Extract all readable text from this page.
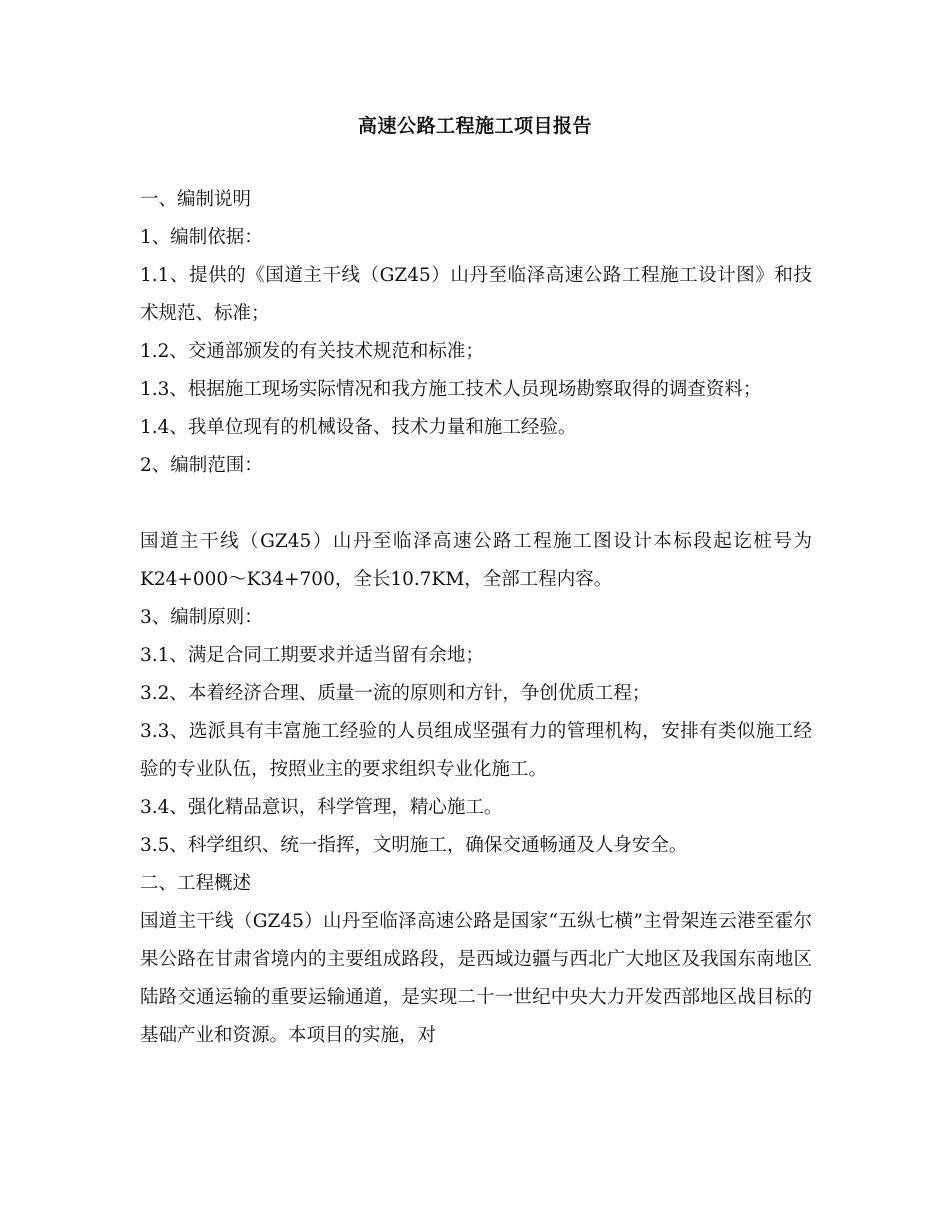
高速公路工程施工项目报告

一、编制说明

1、编制依据：

1.1、提供的《国道主干线（GZ45）山丹至临泽高速公路工程施工设计图》和技术规范、标准；

1.2、交通部颁发的有关技术规范和标准；

1.3、根据施工现场实际情况和我方施工技术人员现场勘察取得的调查资料；

1.4、我单位现有的机械设备、技术力量和施工经验。

2、编制范围：

国道主干线（GZ45）山丹至临泽高速公路工程施工图设计本标段起讫桩号为K24+000～K34+700，全长10.7KM，全部工程内容。

3、编制原则：

3.1、满足合同工期要求并适当留有余地；

3.2、本着经济合理、质量一流的原则和方针，争创优质工程；

3.3、选派具有丰富施工经验的人员组成坚强有力的管理机构，安排有类似施工经验的专业队伍，按照业主的要求组织专业化施工。

3.4、强化精品意识，科学管理，精心施工。

3.5、科学组织、统一指挥，文明施工，确保交通畅通及人身安全。

二、工程概述

国道主干线（GZ45）山丹至临泽高速公路是国家“五纵七横”主骨架连云港至霍尔果公路在甘肃省境内的主要组成路段，是西域边疆与西北广大地区及我国东南地区陆路交通运输的重要运输通道，是实现二十一世纪中央大力开发西部地区战目标的基础产业和资源。本项目的实施，对
